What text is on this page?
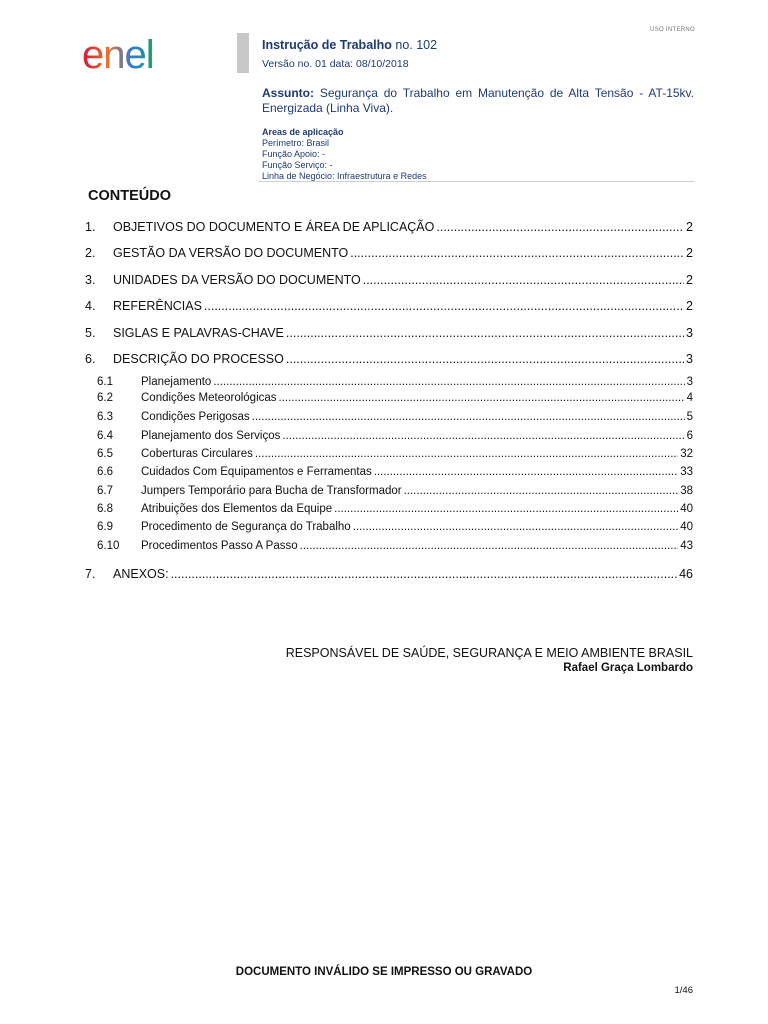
USO INTERNO
enel	Instrução de Trabalho no. 102
Versão no. 01 data: 08/10/2018
Assunto: Segurança do Trabalho em Manutenção de Alta Tensão - AT-15kv. Energizada (Linha Viva).
Areas de aplicação
Perímetro: Brasil
Função Apoio: -
Função Serviço: -
Linha de Negócio: Infraestrutura e Redes
CONTEÚDO
1.	OBJETIVOS DO DOCUMENTO E ÁREA DE APLICAÇÃO .....	2
2.	GESTÃO DA VERSÃO DO DOCUMENTO .....	2
3.	UNIDADES DA VERSÃO DO DOCUMENTO .....	2
4.	REFERÊNCIAS .....	2
5.	SIGLAS E PALAVRAS-CHAVE .....	3
6.	DESCRIÇÃO DO PROCESSO .....	3
6.1	Planejamento .....	3
6.2	Condições Meteorológicas .....	4
6.3	Condições Perigosas .....	5
6.4	Planejamento dos Serviços .....	6
6.5	Coberturas Circulares .....	32
6.6	Cuidados Com Equipamentos e Ferramentas .....	33
6.7	Jumpers Temporário para Bucha de Transformador .....	38
6.8	Atribuições dos Elementos da Equipe .....	40
6.9	Procedimento de Segurança do Trabalho .....	40
6.10	Procedimentos Passo A Passo .....	43
7.	ANEXOS: .....	46
RESPONSÁVEL DE SAÚDE, SEGURANÇA E MEIO AMBIENTE BRASIL
Rafael Graça Lombardo
DOCUMENTO INVÁLIDO SE IMPRESSO OU GRAVADO
1/46
